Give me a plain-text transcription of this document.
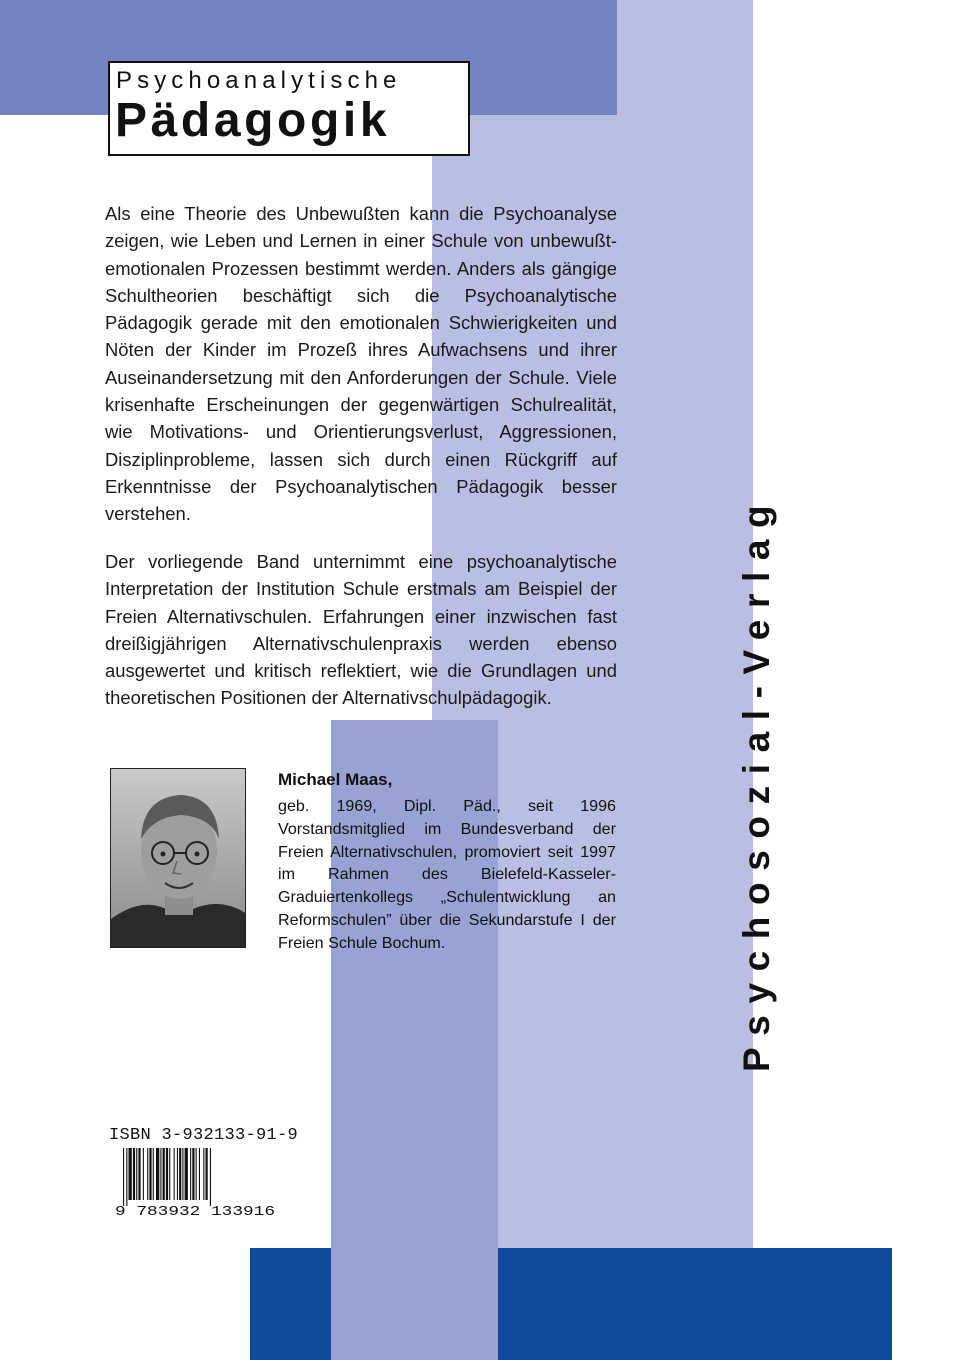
Psychoanalytische
Pädagogik

Als eine Theorie des Unbewußten kann die Psychoanalyse zeigen, wie Leben und Lernen in einer Schule von unbewußt-emotionalen Prozessen bestimmt werden. Anders als gängige Schultheorien beschäftigt sich die Psychoanalytische Pädagogik gerade mit den emotionalen Schwierigkeiten und Nöten der Kinder im Prozeß ihres Aufwachsens und ihrer Auseinandersetzung mit den Anforderungen der Schule. Viele krisenhafte Erscheinungen der gegenwärtigen Schulrealität, wie Motivations- und Orientierungsverlust, Aggressionen, Disziplinprobleme, lassen sich durch einen Rückgriff auf Erkenntnisse der Psychoanalytischen Pädagogik besser verstehen.

Der vorliegende Band unternimmt eine psychoanalytische Interpretation der Institution Schule erstmals am Beispiel der Freien Alternativschulen. Erfahrungen einer inzwischen fast dreißigjährigen Alternativschulenpraxis werden ebenso ausgewertet und kritisch reflektiert, wie die Grundlagen und theoretischen Positionen der Alternativschulpädagogik.

Michael Maas,

geb. 1969, Dipl. Päd., seit 1996 Vorstandsmitglied im Bundesverband der Freien Alternativschulen, promoviert seit 1997 im Rahmen des Bielefeld-Kasseler-Graduiertenkollegs „Schulentwicklung an Reformschulen” über die Sekundarstufe I der Freien Schule Bochum.	Psychosozial-Verlag
ISBN 3-932133-91-9
9 783932 133916
